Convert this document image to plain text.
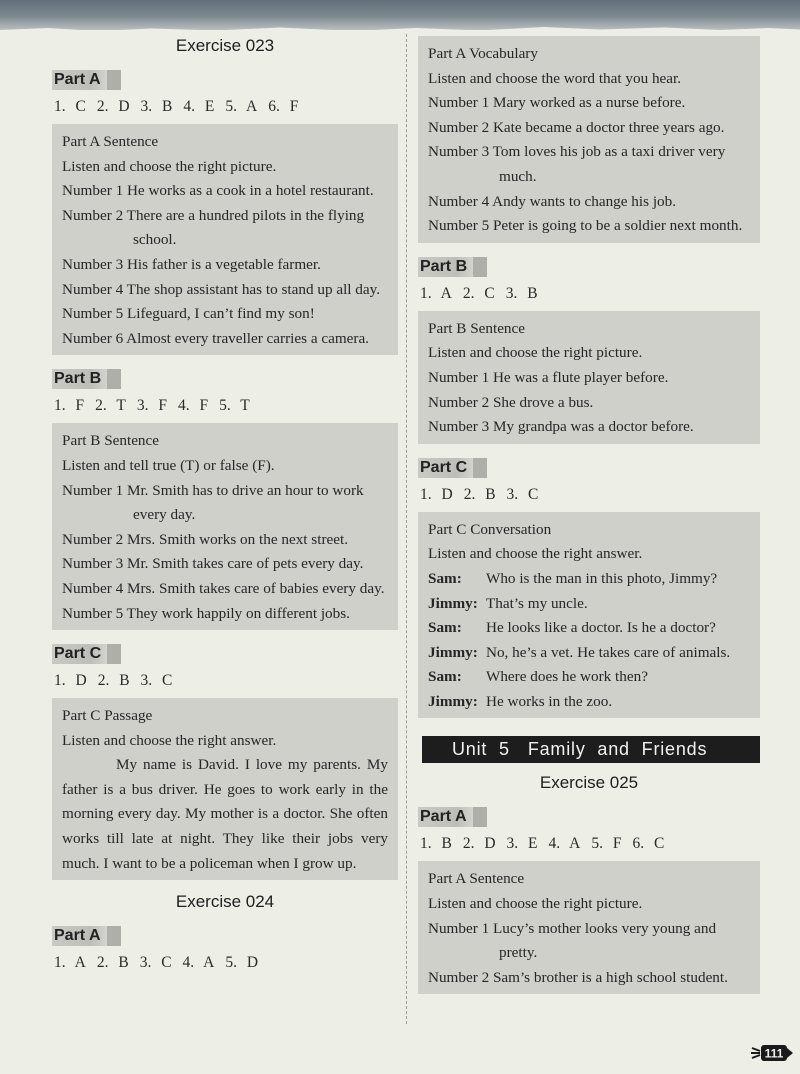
Exercise 023
Part A
1. C 2. D 3. B 4. E 5. A 6. F
Part A Sentence
Listen and choose the right picture.
Number 1 He works as a cook in a hotel restaurant.
Number 2 There are a hundred pilots in the flying school.
Number 3 His father is a vegetable farmer.
Number 4 The shop assistant has to stand up all day.
Number 5 Lifeguard, I can’t find my son!
Number 6 Almost every traveller carries a camera.
Part B
1. F 2. T 3. F 4. F 5. T
Part B Sentence
Listen and tell true (T) or false (F).
Number 1 Mr. Smith has to drive an hour to work every day.
Number 2 Mrs. Smith works on the next street.
Number 3 Mr. Smith takes care of pets every day.
Number 4 Mrs. Smith takes care of babies every day.
Number 5 They work happily on different jobs.
Part C
1. D 2. B 3. C
Part C Passage
Listen and choose the right answer.
My name is David. I love my parents. My father is a bus driver. He goes to work early in the morning every day. My mother is a doctor. She often works till late at night. They like their jobs very much. I want to be a policeman when I grow up.
Exercise 024
Part A
1. A 2. B 3. C 4. A 5. D
Part A Vocabulary
Listen and choose the word that you hear.
Number 1 Mary worked as a nurse before.
Number 2 Kate became a doctor three years ago.
Number 3 Tom loves his job as a taxi driver very much.
Number 4 Andy wants to change his job.
Number 5 Peter is going to be a soldier next month.
Part B
1. A 2. C 3. B
Part B Sentence
Listen and choose the right picture.
Number 1 He was a flute player before.
Number 2 She drove a bus.
Number 3 My grandpa was a doctor before.
Part C
1. D 2. B 3. C
Part C Conversation
Listen and choose the right answer.
Sam:	Who is the man in this photo, Jimmy?
Jimmy: That’s my uncle.
Sam:	He looks like a doctor. Is he a doctor?
Jimmy: No, he’s a vet. He takes care of animals.
Sam:	Where does he work then?
Jimmy: He works in the zoo.
Unit 5 Family and Friends
Exercise 025
Part A
1. B 2. D 3. E 4. A 5. F 6. C
Part A Sentence
Listen and choose the right picture.
Number 1 Lucy’s mother looks very young and pretty.
Number 2 Sam’s brother is a high school student.
111
